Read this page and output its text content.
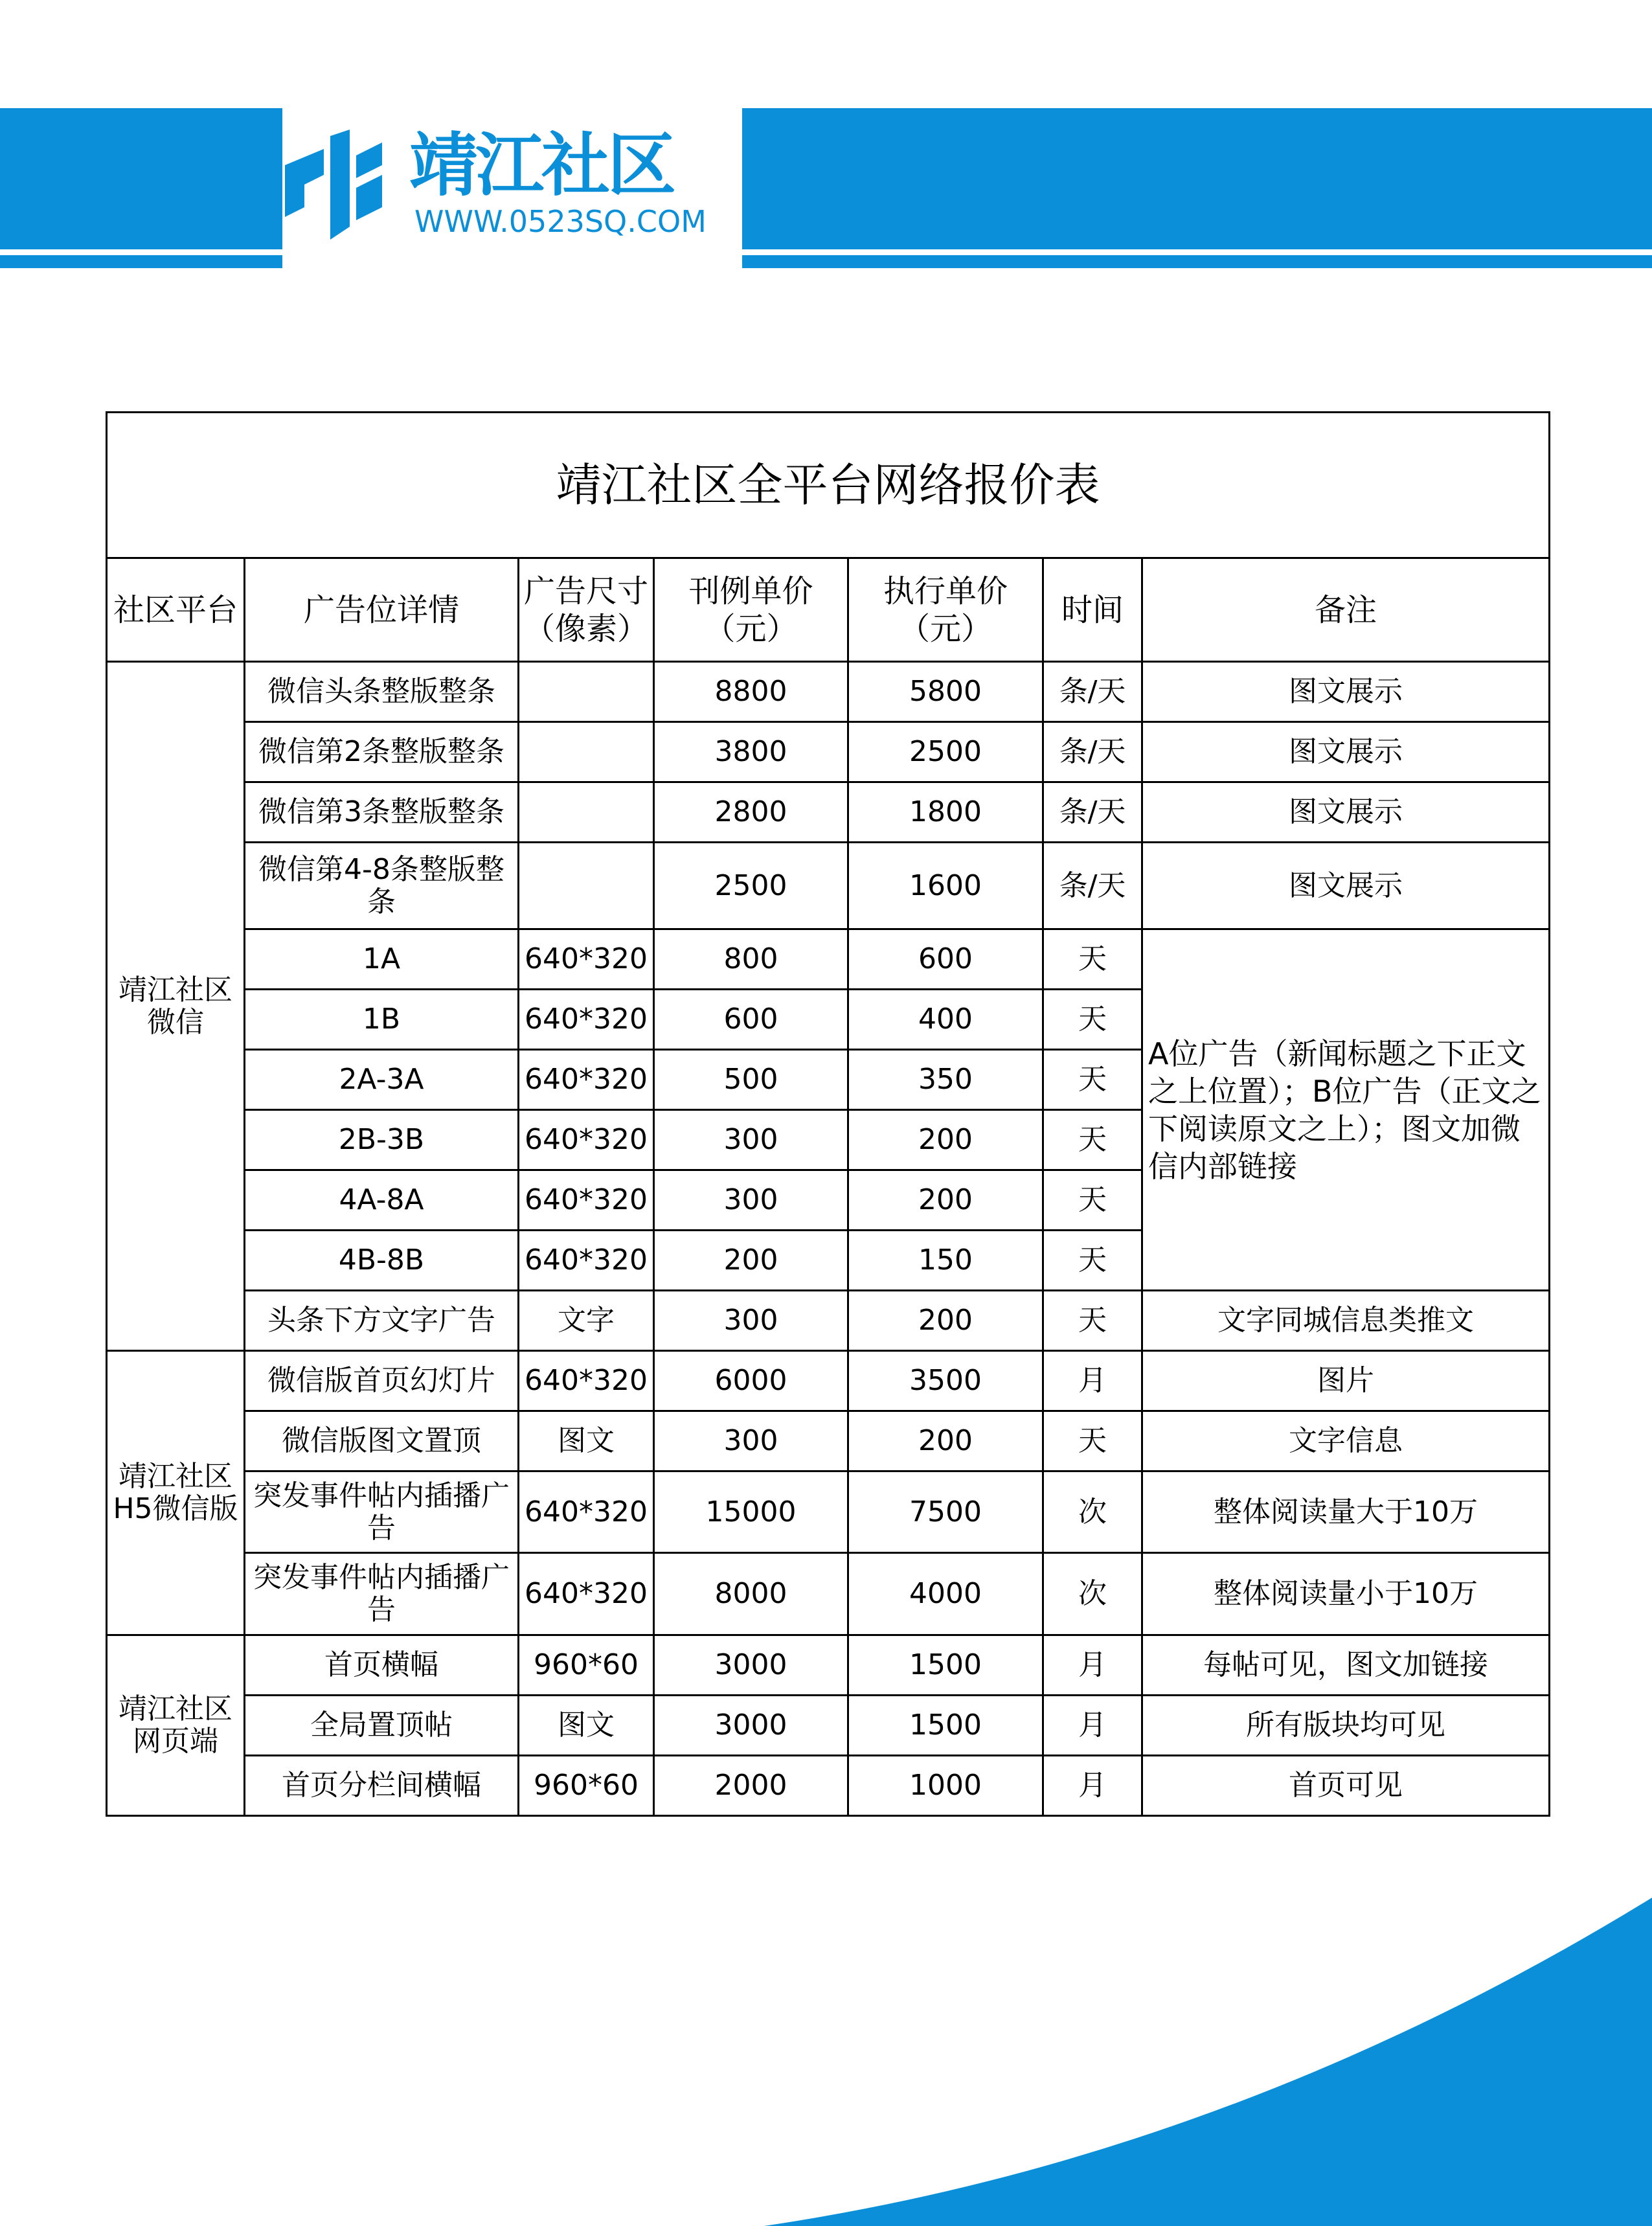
靖江社区
WWW.0523SQ.COM
靖江社区全平台网络报价表						
社区平台	广告位详情	广告尺寸（像素）	刊例单价（元）	执行单价（元）	时间	备注
靖江社区微信	微信头条整版整条		8800	5800	条/天	图文展示
	微信第2条整版整条		3800	2500	条/天	图文展示
	微信第3条整版整条		2800	1800	条/天	图文展示
	微信第4-8条整版整条		2500	1600	条/天	图文展示
	1A	640*320	800	600	天	A位广告（新闻标题之下正文之上位置）；B位广告（正文之下阅读原文之上）；图文加微信内部链接
	1B	640*320	600	400	天	
	2A-3A	640*320	500	350	天	
	2B-3B	640*320	300	200	天	
	4A-8A	640*320	300	200	天	
	4B-8B	640*320	200	150	天	
	头条下方文字广告	文字	300	200	天	文字同城信息类推文
靖江社区H5微信版	微信版首页幻灯片	640*320	6000	3500	月	图片
	微信版图文置顶	图文	300	200	天	文字信息
	突发事件帖内插播广告	640*320	15000	7500	次	整体阅读量大于10万
	突发事件帖内插播广告	640*320	8000	4000	次	整体阅读量小于10万
靖江社区网页端	首页横幅	960*60	3000	1500	月	每帖可见，图文加链接
	全局置顶帖	图文	3000	1500	月	所有版块均可见
	首页分栏间横幅	960*60	2000	1000	月	首页可见
